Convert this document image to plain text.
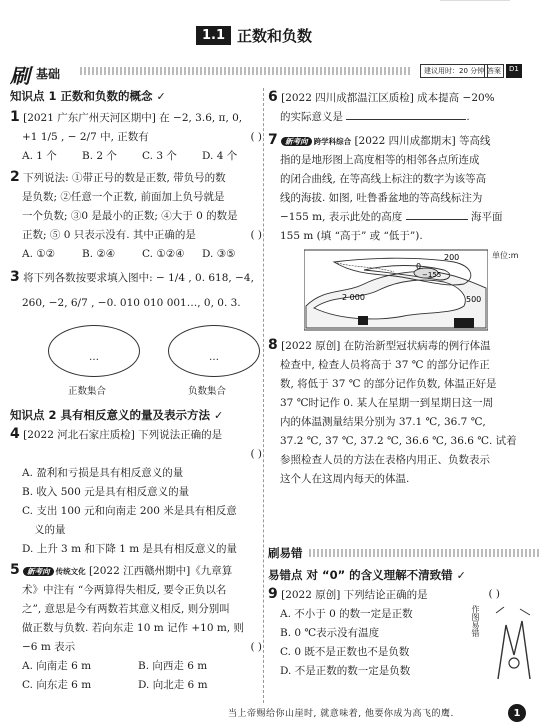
1.1 正数和负数
刷 基础	建议用时：20 分钟 答案	D1
知识点 1 正数和负数的概念 ✓
1 [2021 广东广州天河区期中] 在 −2, 3.6, π, 0,
+1 1/5 , − 2/7 中, 正数有	( )
A. 1 个	B. 2 个	C. 3 个	D. 4 个
2 下列说法: ①带正号的数是正数, 带负号的数
是负数; ②任意一个正数, 前面加上负号就是
一个负数; ③0 是最小的正数; ④大于 0 的数是
正数; ⑤ 0 只表示没有. 其中正确的是	( )
A. ①②	B. ②④	C. ①②④	D. ③⑤
3 将下列各数按要求填入图中: − 1/4 , 0. 618, −4,
260, −2, 6/7 , −0. 010 010 001…, 0, 0. 3.
…	…
正数集合	负数集合
知识点 2 具有相反意义的量及表示方法 ✓
4 [2022 河北石家庄质检] 下列说法正确的是
( )
A. 盈利和亏损是具有相反意义的量
B. 收入 500 元是具有相反意义的量
C. 支出 100 元和向南走 200 米是具有相反意
义的量
D. 上升 3 m 和下降 1 m 是具有相反意义的量
5 新考向 传统文化 [2022 江西赣州期中]《九章算
术》中注有 “今两算得失相反, 要令正负以名
之”, 意思是今有两数若其意义相反, 则分别叫
做正数与负数. 若向东走 10 m 记作 +10 m, 则
−6 m 表示	( )
A. 向南走 6 m	B. 向西走 6 m
C. 向东走 6 m	D. 向北走 6 m
6 [2022 四川成都温江区质检] 成本提高 −20%
的实际意义是	.
7 新考向 跨学科综合 [2022 四川成都期末] 等高线
指的是地形图上高度相等的相邻各点所连成
的闭合曲线, 在等高线上标注的数字为该等高
线的海拔. 如图, 吐鲁番盆地的等高线标注为
−155 m, 表示此处的高度	海平面
155 m (填 “高于” 或 “低于”).
200
0
−155
2 000	500
单位:m
8 [2022 原创] 在防治新型冠状病毒的例行体温
检查中, 检查人员将高于 37 ℃ 的部分记作正
数, 将低于 37 ℃ 的部分记作负数, 体温正好是
37 ℃时记作 0. 某人在星期一到星期日这一周
内的体温测量结果分别为 37.1 ℃, 36.7 ℃,
37.2 ℃, 37 ℃, 37.2 ℃, 36.6 ℃, 36.6 ℃. 试着
参照检查人员的方法在表格内用正、负数表示
这个人在这周内每天的体温.
刷易错
易错点 对 “0” 的含义理解不清致错 ✓
9 [2022 原创] 下列结论正确的是	( )
A. 不小于 0 的数一定是正数
B. 0 ℃表示没有温度
C. 0 既不是正数也不是负数
D. 不是正数的数一定是负数
作图易错
当上帝赐给你山崖时, 就意味着, 他要你成为高飞的鹰.	1
